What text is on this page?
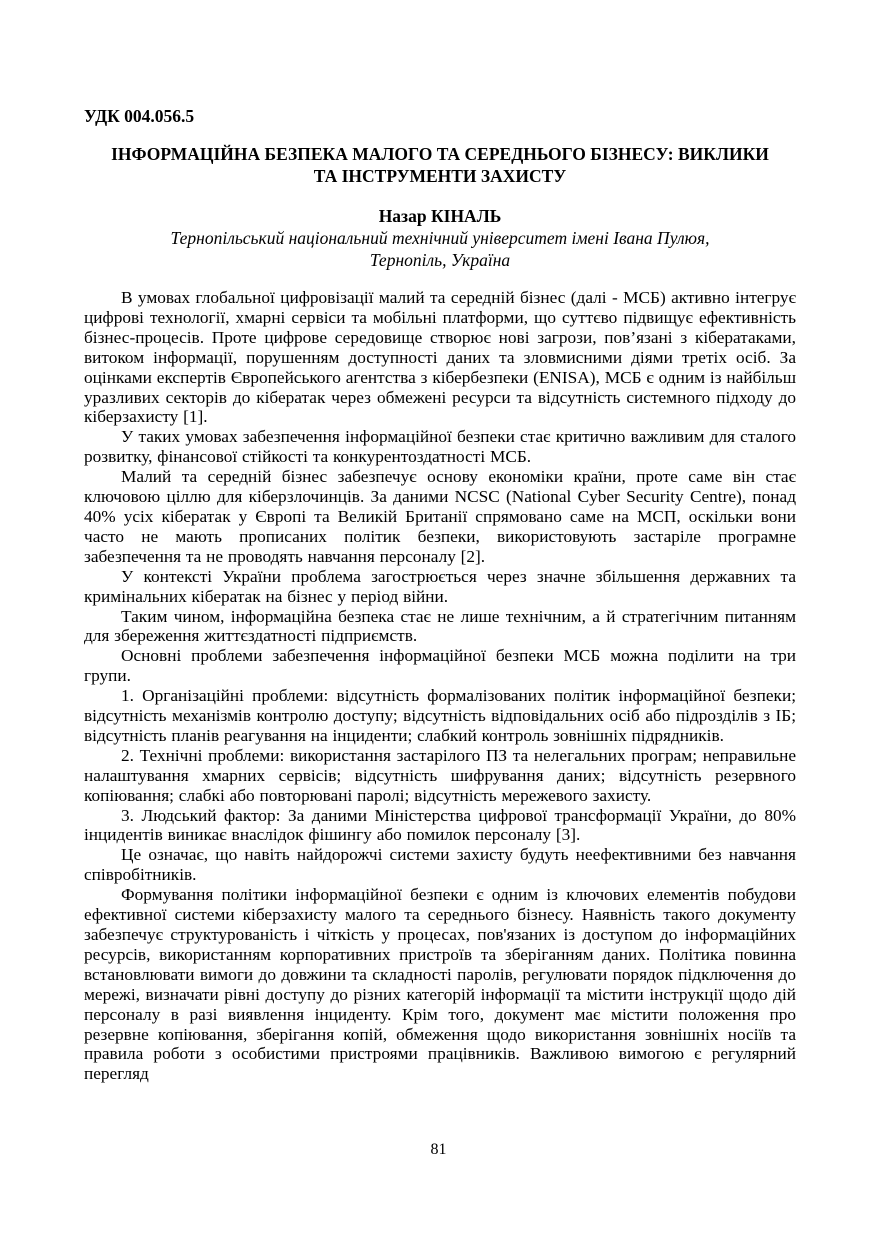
УДК 004.056.5

ІНФОРМАЦІЙНА БЕЗПЕКА МАЛОГО ТА СЕРЕДНЬОГО БІЗНЕСУ: ВИКЛИКИ
ТА ІНСТРУМЕНТИ ЗАХИСТУ

Назар КІНАЛЬ

Тернопільський національний технічний університет імені Івана Пулюя,
Тернопіль, Україна

В умовах глобальної цифровізації малий та середній бізнес (далі - МСБ) активно інтегрує цифрові технології, хмарні сервіси та мобільні платформи, що суттєво підвищує ефективність бізнес-процесів. Проте цифрове середовище створює нові загрози, пов’язані з кібератаками, витоком інформації, порушенням доступності даних та зловмисними діями третіх осіб. За оцінками експертів Європейського агентства з кібербезпеки (ENISA), МСБ є одним із найбільш уразливих секторів до кібератак через обмежені ресурси та відсутність системного підходу до кіберзахисту [1].

У таких умовах забезпечення інформаційної безпеки стає критично важливим для сталого розвитку, фінансової стійкості та конкурентоздатності МСБ.

Малий та середній бізнес забезпечує основу економіки країни, проте саме він стає ключовою ціллю для кіберзлочинців. За даними NCSC (National Cyber Security Centre), понад 40% усіх кібератак у Європі та Великій Британії спрямовано саме на МСП, оскільки вони часто не мають прописаних політик безпеки, використовують застаріле програмне забезпечення та не проводять навчання персоналу [2].

У контексті України проблема загострюється через значне збільшення державних та кримінальних кібератак на бізнес у період війни.

Таким чином, інформаційна безпека стає не лише технічним, а й стратегічним питанням для збереження життєздатності підприємств.

Основні проблеми забезпечення інформаційної безпеки МСБ можна поділити на три групи.

1. Організаційні проблеми: відсутність формалізованих політик інформаційної безпеки; відсутність механізмів контролю доступу; відсутність відповідальних осіб або підрозділів з ІБ; відсутність планів реагування на інциденти; слабкий контроль зовнішніх підрядників.

2. Технічні проблеми: використання застарілого ПЗ та нелегальних програм; неправильне налаштування хмарних сервісів; відсутність шифрування даних; відсутність резервного копіювання; слабкі або повторювані паролі; відсутність мережевого захисту.

3. Людський фактор: За даними Міністерства цифрової трансформації України, до 80% інцидентів виникає внаслідок фішингу або помилок персоналу [3].

Це означає, що навіть найдорожчі системи захисту будуть неефективними без навчання співробітників.

Формування політики інформаційної безпеки є одним із ключових елементів побудови ефективної системи кіберзахисту малого та середнього бізнесу. Наявність такого документу забезпечує структурованість і чіткість у процесах, пов'язаних із доступом до інформаційних ресурсів, використанням корпоративних пристроїв та зберіганням даних. Політика повинна встановлювати вимоги до довжини та складності паролів, регулювати порядок підключення до мережі, визначати рівні доступу до різних категорій інформації та містити інструкції щодо дій персоналу в разі виявлення інциденту. Крім того, документ має містити положення про резервне копіювання, зберігання копій, обмеження щодо використання зовнішніх носіїв та правила роботи з особистими пристроями працівників. Важливою вимогою є регулярний перегляд

81
